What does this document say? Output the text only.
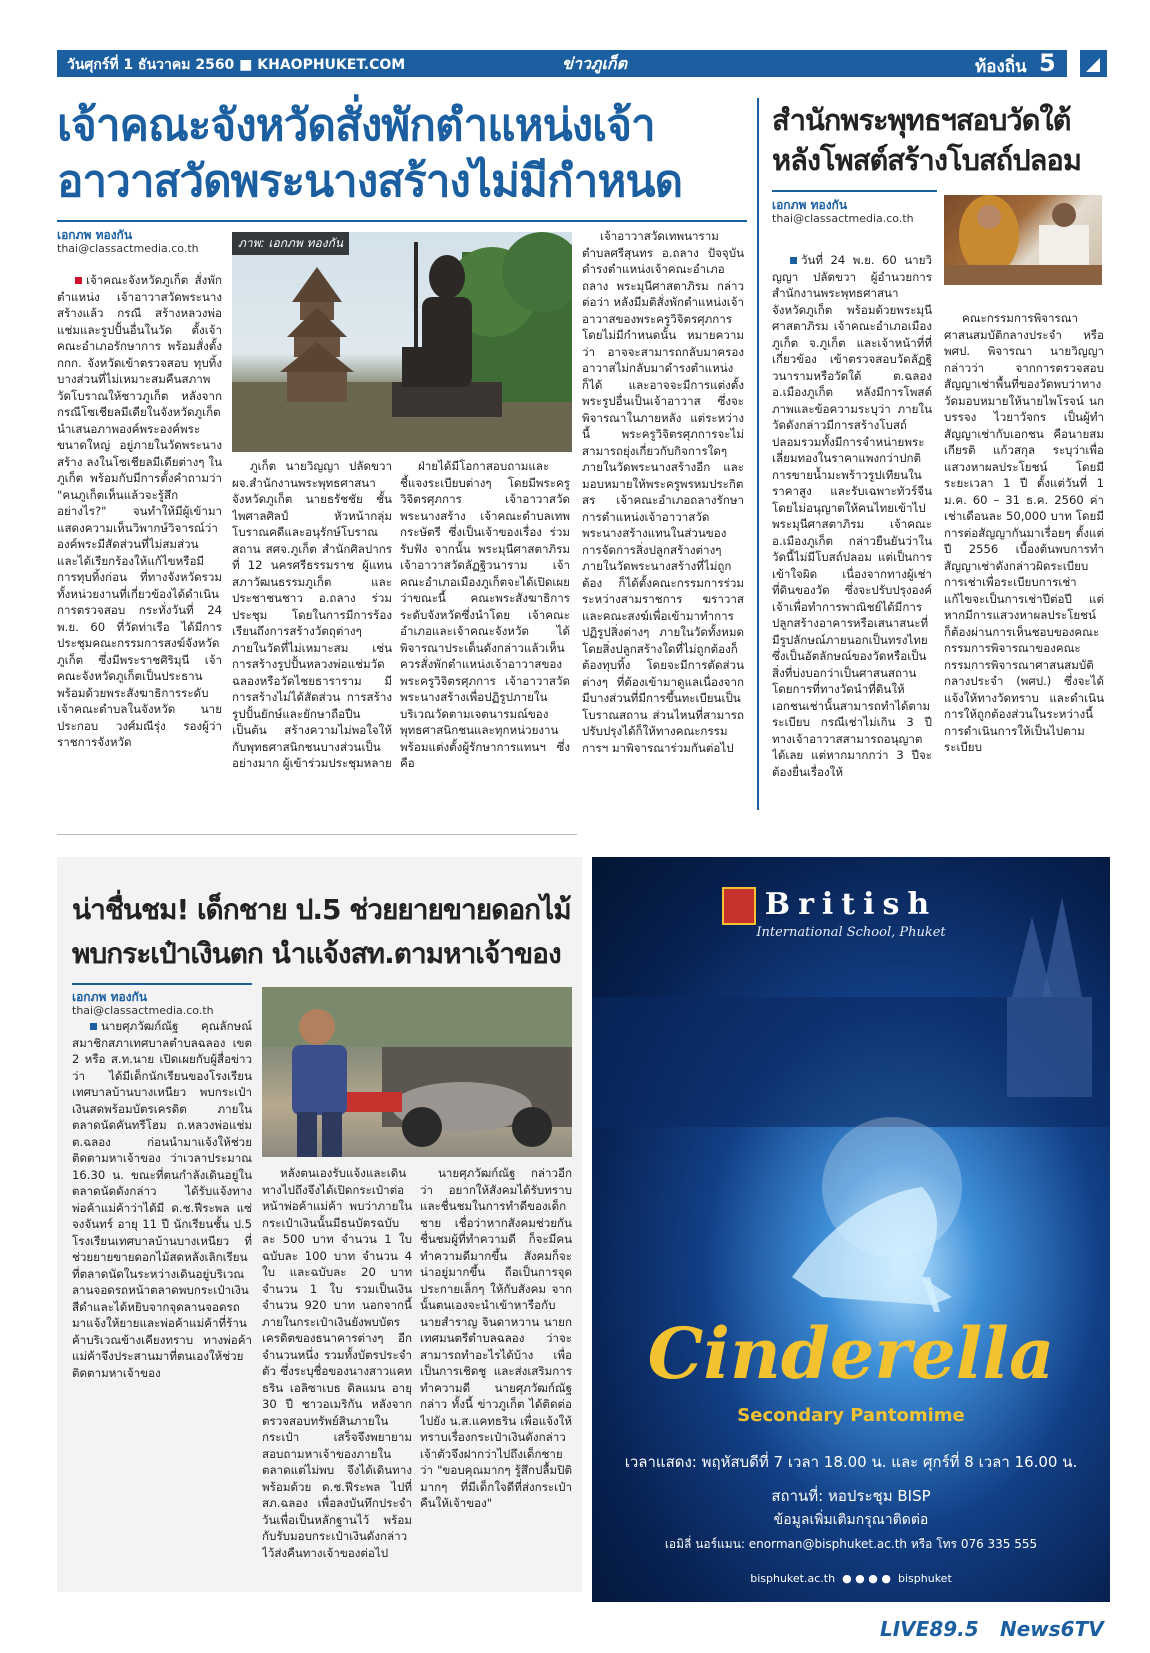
วันศุกร์ที่ 1 ธันวาคม 2560 ■ KHAOPHUKET.COM	ข่าวภูเก็ต	ท้องถิ่น 5
เจ้าคณะจังหวัดสั่งพักตำแหน่งเจ้า
อาวาสวัดพระนางสร้างไม่มีกำหนด
เอกภพ ทองกัน
thai@classactmedia.co.th	ภาพ: เอกภพ ทองกัน

เจ้าคณะจังหวัดภูเก็ต สั่งพักตำแหน่ง เจ้าอาวาสวัดพระนางสร้างแล้ว กรณี สร้างหลวงพ่อแช่มและรูปปั้นอื่นในวัด ตั้งเจ้าคณะอำเภอรักษาการ พร้อมสั่งตั้ง กกก. จังหวัดเข้าตรวจสอบ ทุบทิ้งบางส่วนที่ไม่เหมาะสมคืนสภาพวัดโบราณให้ชาวภูเก็ต หลังจากกรณีโซเชียลมีเดียในจังหวัดภูเก็ต นำเสนอภาพองค์พระองค์พระขนาดใหญ่ อยู่ภายในวัดพระนางสร้าง ลงในโซเชียลมีเดียต่างๆ ในภูเก็ต พร้อมกับมีการตั้งคำถามว่า "คนภูเก็ตเห็นแล้วจะรู้สึกอย่างไร?" จนทำให้มีผู้เข้ามาแสดงความเห็นวิพากษ์วิจารณ์ว่าองค์พระมีสัดส่วนที่ไม่สมส่วน และได้เรียกร้องให้แก้ไขหรือมีการทุบทิ้งก่อน ที่ทางจังหวัดรวมทั้งหน่วยงานที่เกี่ยวข้องได้ดำเนินการตรวจสอบ กระทั่งวันที่ 24 พ.ย. 60 ที่วัดท่าเรือ ได้มีการประชุมคณะกรรมการสงฆ์จังหวัดภูเก็ต ซึ่งมีพระราชศิริมุนี เจ้าคณะจังหวัดภูเก็ตเป็นประธาน พร้อมด้วยพระสังฆาธิการระดับเจ้าคณะตำบลในจังหวัด นายประกอบ วงศ์มณีรุ่ง รองผู้ว่าราชการจังหวัด

ภูเก็ต นายวิญญา ปลัดขวา ผจ.สำนักงานพระพุทธศาสนาจังหวัดภูเก็ต นายธรัชชัย ชั้นไพศาลศิลป์ หัวหน้ากลุ่มโบราณคดีและอนุรักษ์โบราณสถาน สศจ.ภูเก็ต สำนักศิลปากรที่ 12 นครศรีธรรมราช ผู้แทนสภาวัฒนธรรมภูเก็ต และประชาชนชาว อ.ถลาง ร่วมประชุม โดยในการมีการร้องเรียนถึงการสร้างวัตถุต่างๆ ภายในวัดที่ไม่เหมาะสม เช่น การสร้างรูปปั้นหลวงพ่อแช่มวัดฉลองหรือวัดไชยธาราราม มีการสร้างไม่ได้สัดส่วน การสร้างรูปปั้นยักษ์และยักษาถือปืน เป็นต้น สร้างความไม่พอใจให้กับพุทธศาสนิกชนบางส่วนเป็นอย่างมาก ผู้เข้าร่วมประชุมหลาย

ฝ่ายได้มีโอกาสอบถามและชี้แจงระเบียบต่างๆ โดยมีพระครูวิจิตรศุภการ เจ้าอาวาสวัดพระนางสร้าง เจ้าคณะตำบลเทพกระษัตรี ซึ่งเป็นเจ้าของเรื่อง ร่วมรับฟัง จากนั้น พระมุนีศาสตาภิรมเจ้าอาวาสวัดลัฏฐิวนาราม เจ้าคณะอำเภอเมืองภูเก็ตจะได้เปิดเผยว่าขณะนี้ คณะพระสังฆาธิการระดับจังหวัดซึ่งนำโดย เจ้าคณะอำเภอและเจ้าคณะจังหวัด ได้พิจารณาประเด็นดังกล่าวแล้วเห็นควรสั่งพักตำแหน่งเจ้าอาวาสของ พระครูวิจิตรศุภการ เจ้าอาวาสวัดพระนางสร้างเพื่อปฏิรูปภายในบริเวณวัดตามเจตนารมณ์ของพุทธศาสนิกชนและทุกหน่วยงาน พร้อมแต่งตั้งผู้รักษาการแทนฯ ซึ่งคือ

เจ้าอาวาสวัดเทพนารามตำบลศรีสุนทร อ.ถลาง ปัจจุบันดำรงตำแหน่งเจ้าคณะอำเภอถลาง พระมุนีศาสตาภิรม กล่าวต่อว่า หลังมีมติสั่งพักตำแหน่งเจ้าอาวาสของพระครูวิจิตรศุภการ โดยไม่มีกำหนดนั้น หมายความว่า อาจจะสามารถกลับมาครองอาวาสไม่กลับมาดำรงตำแหน่งก็ได้ และอาจจะมีการแต่งตั้งพระรูปอื่นเป็นเจ้าอาวาส ซึ่งจะพิจารณาในภายหลัง แต่ระหว่างนี้ พระครูวิจิตรศุภการจะไม่สามารถยุ่งเกี่ยวกับกิจการใดๆ ภายในวัดพระนางสร้างอีก และมอบหมายให้พระครูพรหมประกิตสร เจ้าคณะอำเภอถลางรักษาการตำแหน่งเจ้าอาวาสวัดพระนางสร้างแทนในส่วนของการจัดการสิ่งปลูกสร้างต่างๆ ภายในวัดพระนางสร้างที่ไม่ถูกต้อง ก็ได้ตั้งคณะกรรมการร่วมระหว่างสามราชการ ฆราวาสและคณะสงฆ์เพื่อเข้ามาทำการปฏิรูปสิ่งต่างๆ ภายในวัดทั้งหมดโดยสิ่งปลูกสร้างใดที่ไม่ถูกต้องก็ต้องทุบทิ้ง โดยจะมีการตัดส่วนต่างๆ ที่ต้องเข้ามาดูแลเนื่องจากมีบางส่วนที่มีการขึ้นทะเบียนเป็นโบราณสถาน ส่วนไหนที่สามารถปรับปรุงได้ก็ให้ทางคณะกรรมการฯ มาพิจารณาร่วมกันต่อไป

สำนักพระพุทธฯสอบวัดใต้
หลังโพสต์สร้างโบสถ์ปลอม
เอกภพ ทองกัน
thai@classactmedia.co.th

วันที่ 24 พ.ย. 60 นายวิญญา ปลัดขวา ผู้อำนวยการ สำนักงานพระพุทธศาสนาจังหวัดภูเก็ต พร้อมด้วยพระมุนีศาสตาภิรม เจ้าคณะอำเภอเมืองภูเก็ต จ.ภูเก็ต และเจ้าหน้าที่ที่เกี่ยวข้อง เข้าตรวจสอบวัดลัฏฐิวนารามหรือวัดใต้ ต.ฉลอง อ.เมืองภูเก็ต หลังมีการโพสต์ภาพและข้อความระบุว่า ภายในวัดดังกล่าวมีการสร้างโบสถ์ปลอมรวมทั้งมีการจำหน่ายพระเลี่ยมทองในราคาแพงกว่าปกติ การขายน้ำมะพร้าวรูปเทียนในราคาสูง และรับเฉพาะทัวร์จีนโดยไม่อนุญาตให้คนไทยเข้าไป พระมุนีศาสตาภิรม เจ้าคณะอ.เมืองภูเก็ต กล่าวยืนยันว่าในวัดนี้ไม่มีโบสถ์ปลอม แต่เป็นการเข้าใจผิด เนื่องจากทางผู้เช่าที่ดินของวัด ซึ่งจะปรับปรุงองค์เจ้าเพื่อทำการพาณิชย์ได้มีการปลูกสร้างอาคารหรือเสนาสนะที่มีรูปลักษณ์ภายนอกเป็นทรงไทยซึ่งเป็นอัตลักษณ์ของวัดหรือเป็นสิ่งที่บ่งบอกว่าเป็นศาสนสถาน โดยการที่ทางวัดนำที่ดินให้เอกชนเช่านั้นสามารถทำได้ตามระเบียบ กรณีเช่าไม่เกิน 3 ปี ทางเจ้าอาวาสสามารถอนุญาตได้เลย แต่หากมากกว่า 3 ปีจะต้องยื่นเรื่องให้

คณะกรรมการพิจารณาศาสนสมบัติกลางประจำ หรือ พศป. พิจารณา นายวิญญา กล่าวว่า จากการตรวจสอบสัญญาเช่าพื้นที่ของวัดพบว่าทางวัดมอบหมายให้นายไพโรจน์ นกบรรจง ไวยาวัจกร เป็นผู้ทำสัญญาเช่ากับเอกชน คือนายสมเกียรติ แก้วสกุล ระบุว่าเพื่อแสวงหาผลประโยชน์ โดยมีระยะเวลา 1 ปี ตั้งแต่วันที่ 1 ม.ค. 60 – 31 ธ.ค. 2560 ค่าเช่าเดือนละ 50,000 บาท โดยมีการต่อสัญญากันมาเรื่อยๆ ตั้งแต่ปี 2556 เบื้องต้นพบการทำสัญญาเช่าดังกล่าวผิดระเบียบการเช่าเพื่อระเบียบการเช่าแก้ไขจะเป็นการเช่าปีต่อปี แต่หากมีการแสวงหาผลประโยชน์ ก็ต้องผ่านการเห็นชอบของคณะกรรมการพิจารณาของคณะกรรมการพิจารณาศาสนสมบัติกลางประจำ (พศป.) ซึ่งจะได้แจ้งให้ทางวัดทราบ และดำเนินการให้ถูกต้องส่วนในระหว่างนี้การดำเนินการให้เป็นไปตามระเบียบ

น่าชื่นชม! เด็กชาย ป.5 ช่วยยายขายดอกไม้
พบกระเป๋าเงินตก นำแจ้งสท.ตามหาเจ้าของ
เอกภพ ทองกัน
thai@classactmedia.co.th

นายศุภวัฒก์ณัฐ คุณลักษณ์ สมาชิกสภาเทศบาลตำบลฉลอง เขต 2 หรือ ส.ท.นาย เปิดเผยกับผู้สื่อข่าวว่า ได้มีเด็กนักเรียนของโรงเรียนเทศบาลบ้านบางเหนียว พบกระเป๋าเงินสดพร้อมบัตรเครดิต ภายในตลาดนัดคันทรีโฮม ถ.หลวงพ่อแช่ม ต.ฉลอง ก่อนนำมาแจ้งให้ช่วยติดตามหาเจ้าของ ว่าเวลาประมาณ 16.30 น. ขณะที่ตนกำลังเดินอยู่ในตลาดนัดดังกล่าว ได้รับแจ้งทางพ่อค้าแม่ค้าว่าได้มี ด.ช.ฟีระพล แซ่จงจันทร์ อายุ 11 ปี นักเรียนชั้น ป.5 โรงเรียนเทศบาลบ้านบางเหนียว ที่ช่วยยายขายดอกไม้สดหลังเลิกเรียนที่ตลาดนัดในระหว่างเดินอยู่บริเวณลานจอดรถหน้าตลาดพบกระเป๋าเงินสีดำและได้หยิบจากจุดลานจอดรถมาแจ้งให้ยายและพ่อค้าแม่ค้าที่ร้านค้าบริเวณข้างเคียงทราบ ทางพ่อค้าแม่ค้าจึงประสานมาที่ตนเองให้ช่วยติดตามหาเจ้าของ

หลังตนเองรับแจ้งและเดินทางไปถึงจึงได้เปิดกระเป๋าต่อหน้าพ่อค้าแม่ค้า พบว่าภายในกระเป๋าเงินนั้นมีธนบัตรฉบับละ 500 บาท จำนวน 1 ใบ ฉบับละ 100 บาท จำนวน 4 ใบ และฉบับละ 20 บาท จำนวน 1 ใบ รวมเป็นเงินจำนวน 920 บาท นอกจากนี้ภายในกระเป๋าเงินยังพบบัตรเครดิตของธนาคารต่างๆ อีกจำนวนหนึ่ง รวมทั้งบัตรประจำตัว ซึ่งระบุชื่อของนางสาวแคทธริน เอลิซาเบธ ดิลแมน อายุ 30 ปี ชาวอเมริกัน หลังจากตรวจสอบทรัพย์สินภายในกระเป๋า เสร็จจึงพยายามสอบถามหาเจ้าของภายในตลาดแต่ไม่พบ จึงได้เดินทางพร้อมด้วย ด.ช.ฟีระพล ไปที่ สภ.ฉลอง เพื่อลงบันทึกประจำวันเพื่อเป็นหลักฐานไว้ พร้อมกับรับมอบกระเป๋าเงินดังกล่าวไว้ส่งคืนทางเจ้าของต่อไป

นายศุภวัฒก์ณัฐ กล่าวอีกว่า อยากให้สังคมได้รับทราบและชื่นชมในการทำดีของเด็กชาย เชื่อว่าหากสังคมช่วยกันชื่นชมผู้ที่ทำความดี ก็จะมีคนทำความดีมากขึ้น สังคมก็จะน่าอยู่มากขึ้น ถือเป็นการจุดประกายเล็กๆ ให้กับสังคม จากนั้นตนเองจะนำเข้าหารือกับนายสำราญ จินดาหวาน นายกเทศมนตรีตำบลฉลอง ว่าจะสามารถทำอะไรได้บ้าง เพื่อเป็นการเชิดชู และส่งเสริมการทำความดี นายศุภวัฒก์ณัฐ กล่าว ทั้งนี้ ข่าวภูเก็ต ได้ติดต่อไปยัง น.ส.แคทธริน เพื่อแจ้งให้ทราบเรื่องกระเป๋าเงินดังกล่าว เจ้าตัวจึงฝากว่าไปถึงเด็กชายว่า "ขอบคุณมากๆ รู้สึกปลื้มปิติมากๆ ที่มีเด็กใจดีที่ส่งกระเป๋าคืนให้เจ้าของ"

British
International School, Phuket
Cinderella
Secondary Pantomime
เวลาแสดง: พฤหัสบดีที่ 7 เวลา 18.00 น. และ ศุกร์ที่ 8 เวลา 16.00 น.
สถานที่: หอประชุม BISP
ข้อมูลเพิ่มเติมกรุณาติดต่อ
เอมิลี่ นอร์แมน: enorman@bisphuket.ac.th หรือ โทร 076 335 555
bisphuket.ac.th ● ● ● ● bisphuket
LIVE89.5 News6TV
